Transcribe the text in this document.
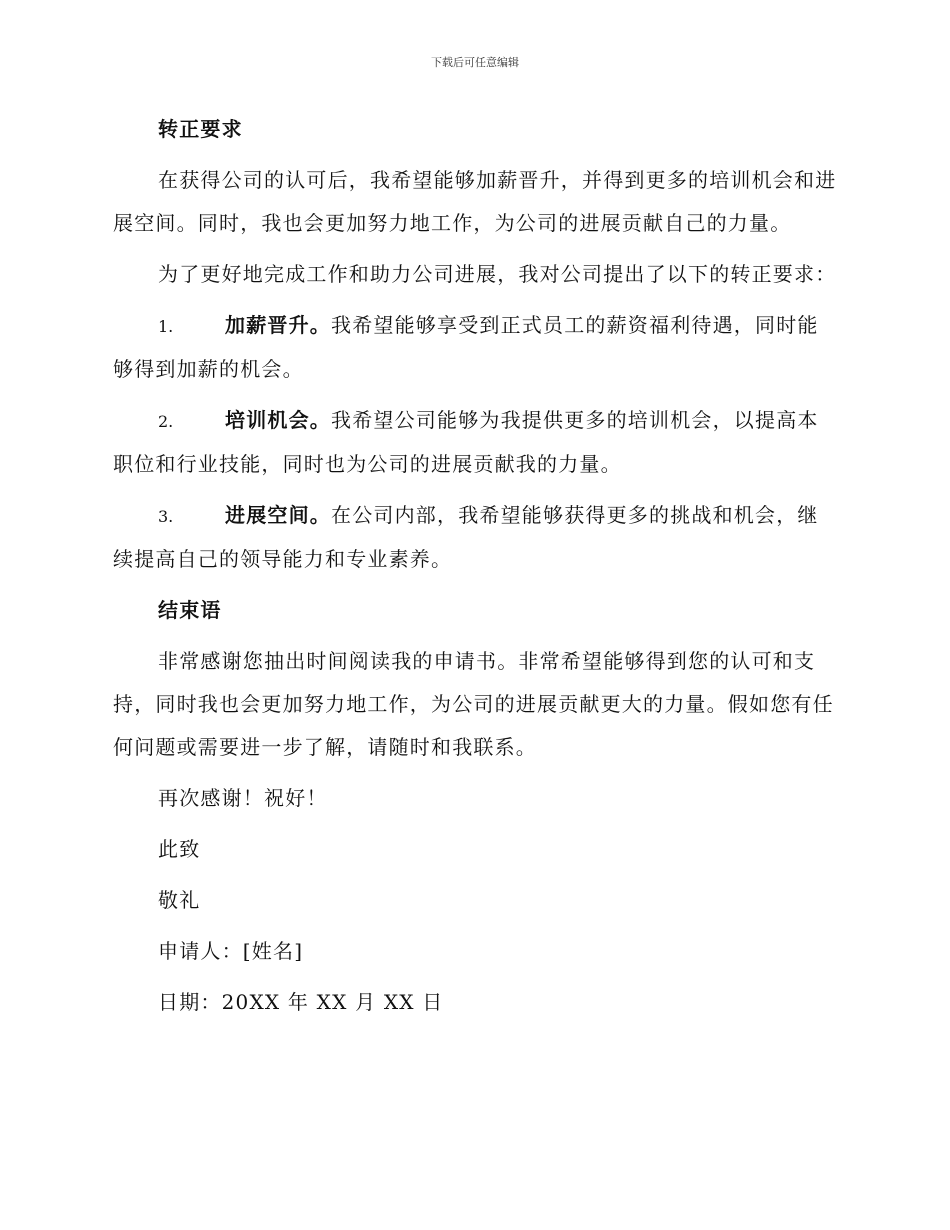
下载后可任意编辑
转正要求
在获得公司的认可后，我希望能够加薪晋升，并得到更多的培训机会和进展空间。同时，我也会更加努力地工作，为公司的进展贡献自己的力量。
为了更好地完成工作和助力公司进展，我对公司提出了以下的转正要求：
1.	加薪晋升。我希望能够享受到正式员工的薪资福利待遇，同时能够得到加薪的机会。
2.	培训机会。我希望公司能够为我提供更多的培训机会，以提高本职位和行业技能，同时也为公司的进展贡献我的力量。
3.	进展空间。在公司内部，我希望能够获得更多的挑战和机会，继续提高自己的领导能力和专业素养。
结束语
非常感谢您抽出时间阅读我的申请书。非常希望能够得到您的认可和支持，同时我也会更加努力地工作，为公司的进展贡献更大的力量。假如您有任何问题或需要进一步了解，请随时和我联系。
再次感谢！祝好！
此致
敬礼
申请人：[姓名]
日期：20XX 年 XX 月 XX 日
